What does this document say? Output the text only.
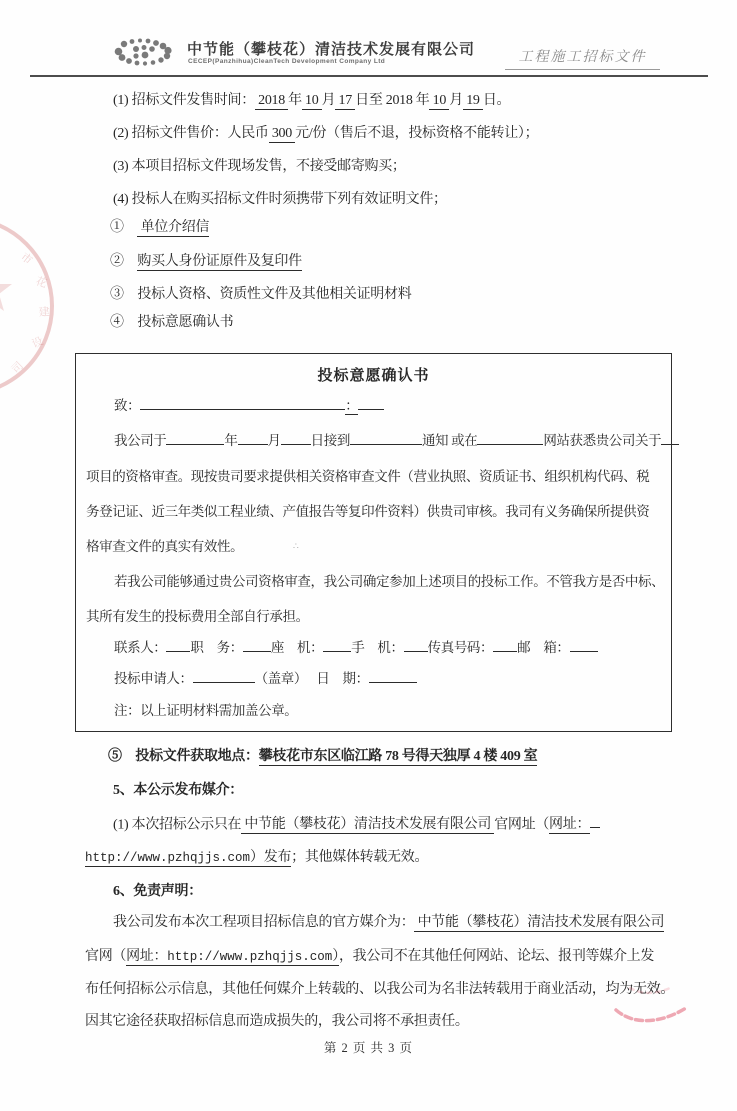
中节能（攀枝花）清洁技术发展有限公司
CECEP(Panzhihua)CleanTech Development Company Ltd	工程施工招标文件
市
花
建
设
司
(1) 招标文件发售时间： 2018 年 10 月 17 日至 2018 年 10 月 19 日。
(2) 招标文件售价：人民币 300 元/份（售后不退，投标资格不能转让）；
(3) 本项目招标文件现场发售，不接受邮寄购买；
(4) 投标人在购买招标文件时须携带下列有效证明文件；
①　 单位介绍信
②　 购买人身份证原件及复印件
③　投标人资格、资质性文件及其他相关证明材料
④　投标意愿确认书
投标意愿确认书
致：	：
我公司于	年 月 日接到	通知 或在	网站获悉贵公司关于
项目的资格审查。现按贵司要求提供相关资格审查文件（营业执照、资质证书、组织机构代码、税
务登记证、近三年类似工程业绩、产值报告等复印件资料）供贵司审核。我司有义务确保所提供资
格审查文件的真实有效性。
若我公司能够通过贵公司资格审查，我公司确定参加上述项目的投标工作。不管我方是否中标、
其所有发生的投标费用全部自行承担。
联系人： 职　务： 座　机： 手　机： 传真号码： 邮　箱：
投标申请人：	（盖章）　 日　期：
注：以上证明材料需加盖公章。
⑤　投标文件获取地点：攀枝花市东区临江路 78 号得天独厚 4 楼 409 室
5、本公示发布媒介：
(1) 本次招标公示只在 中节能（攀枝花）清洁技术发展有限公司 官网址（网址：
http://www.pzhqjjs.com）发布；其他媒体转载无效。
6、免责声明：
我公司发布本次工程项目招标信息的官方媒介为： 中节能（攀枝花）清洁技术发展有限公司
官网（网址：http://www.pzhqjjs.com），我公司不在其他任何网站、论坛、报刊等媒介上发
布任何招标公示信息，其他任何媒介上转载的、以我公司为名非法转载用于商业活动，均为无效。
因其它途径获取招标信息而造成损失的，我公司将不承担责任。
第 2 页 共 3 页
∴
